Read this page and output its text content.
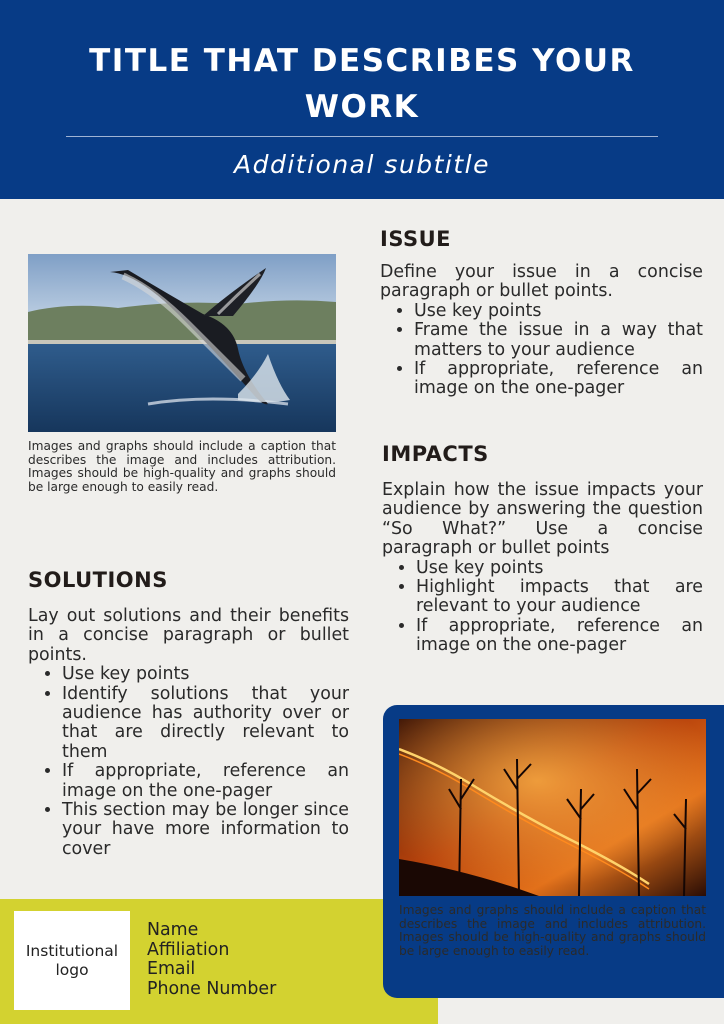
TITLE THAT DESCRIBES YOUR WORK
Additional subtitle

Images and graphs should include a caption that describes the image and includes attribution. Images should be high-quality and graphs should be large enough to easily read.

SOLUTIONS
Lay out solutions and their benefits in a concise paragraph or bullet points.
• Use key points
• Identify solutions that your audience has authority over or that are directly relevant to them
• If appropriate, reference an image on the one-pager
• This section may be longer since your have more information to cover
ISSUE
Define your issue in a concise paragraph or bullet points.
• Use key points
• Frame the issue in a way that matters to your audience
• If appropriate, reference an image on the one-pager
IMPACTS
Explain how the issue impacts your audience by answering the question “So What?” Use a concise paragraph or bullet points
• Use key points
• Highlight impacts that are relevant to your audience
• If appropriate, reference an image on the one-pager
Institutional logo
Name
Affiliation
Email
Phone Number

Images and graphs should include a caption that describes the image and includes attribution. Images should be high-quality and graphs should be large enough to easily read.
